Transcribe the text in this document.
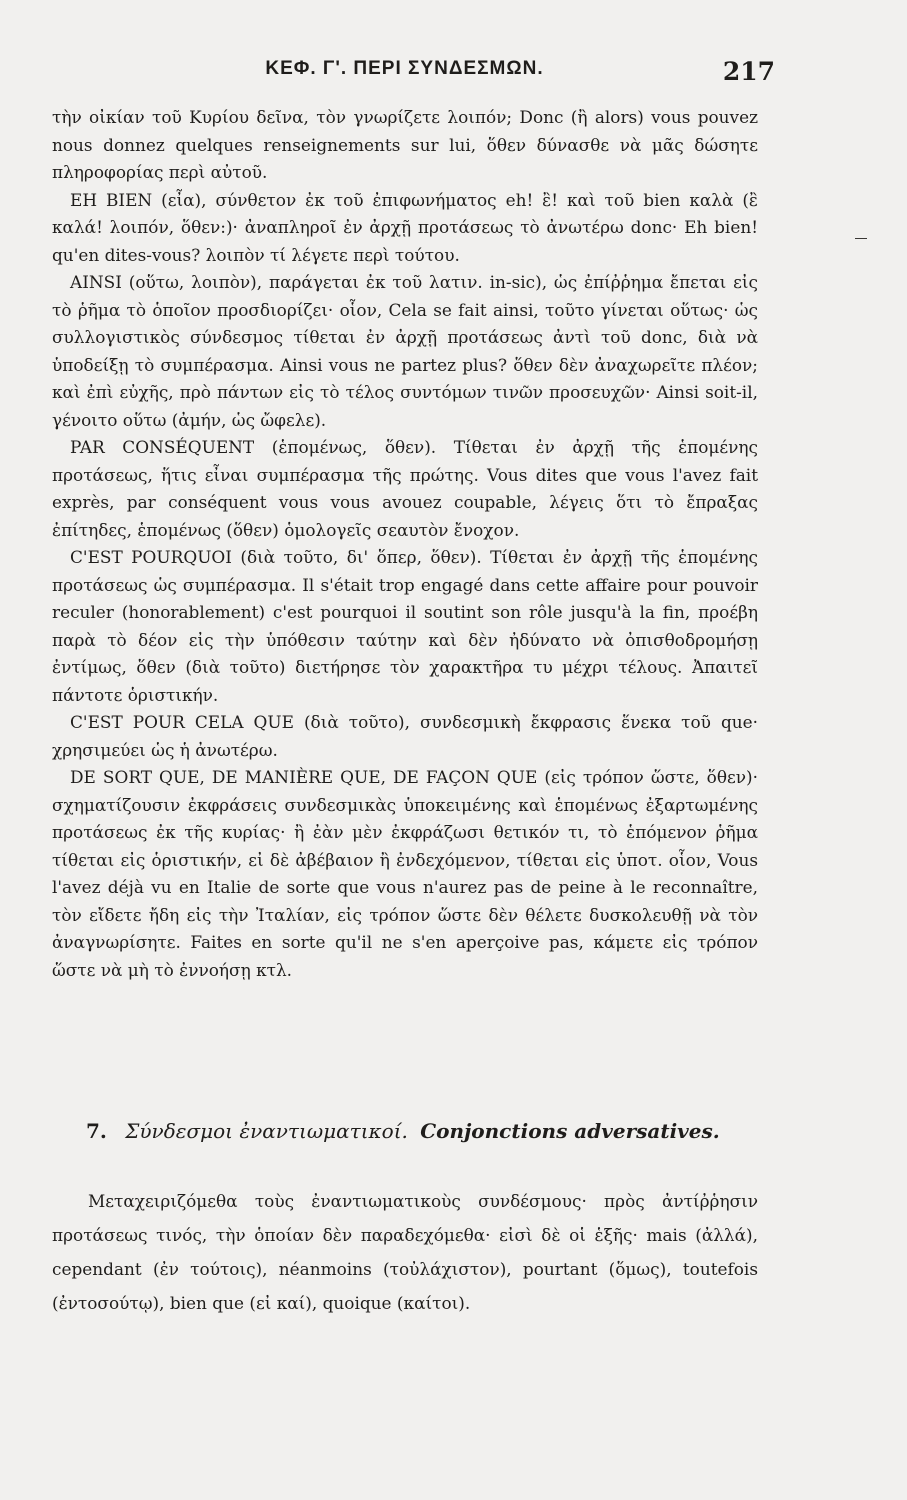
ΚΕΦ. Γ'. ΠΕΡΙ ΣΥΝΔΕΣΜΩΝ.	217

τὴν οἰκίαν τοῦ Κυρίου δεῖνα, τὸν γνωρίζετε λοιπόν; Donc (ἢ alors) vous pouvez nous donnez quelques renseignements sur lui, ὅθεν δύνασθε νὰ μᾶς δώσητε πληροφορίας περὶ αὐτοῦ.

EH BIEN (εἶα), σύνθετον ἐκ τοῦ ἐπιφωνήματος eh! ἒ! καὶ τοῦ bien καλὰ (ἒ καλά! λοιπόν, ὅθεν:)· ἀναπληροῖ ἐν ἀρχῇ προτάσεως τὸ ἀνωτέρω donc· Eh bien! qu'en dites-vous? λοιπὸν τί λέγετε περὶ τούτου.

AINSI (οὕτω, λοιπὸν), παράγεται ἐκ τοῦ λατιν. in-sic), ὡς ἐπίῤῥημα ἔπεται εἰς τὸ ῥῆμα τὸ ὁποῖον προσδιορίζει· οἷον, Cela se fait ainsi, τοῦτο γίνεται οὕτως· ὡς συλλογιστικὸς σύνδεσμος τίθεται ἐν ἀρχῇ προτάσεως ἀντὶ τοῦ donc, διὰ νὰ ὑποδείξῃ τὸ συμπέρασμα. Ainsi vous ne partez plus? ὅθεν δὲν ἀναχωρεῖτε πλέον; καὶ ἐπὶ εὐχῆς, πρὸ πάντων εἰς τὸ τέλος συντόμων τινῶν προσευχῶν· Ainsi soit-il, γένοιτο οὕτω (ἀμήν, ὡς ὤφελε).

PAR CONSÉQUENT (ἑπομένως, ὅθεν). Τίθεται ἐν ἀρχῇ τῆς ἑπομένης προτάσεως, ἥτις εἶναι συμπέρασμα τῆς πρώτης. Vous dites que vous l'avez fait exprès, par conséquent vous vous avouez coupable, λέγεις ὅτι τὸ ἔπραξας ἐπίτηδες, ἑπομένως (ὅθεν) ὁμολογεῖς σεαυτὸν ἔνοχον.

C'EST POURQUOI (διὰ τοῦτο, δι' ὅπερ, ὅθεν). Τίθεται ἐν ἀρχῇ τῆς ἑπομένης προτάσεως ὡς συμπέρασμα. Il s'était trop engagé dans cette affaire pour pouvoir reculer (honorablement) c'est pourquoi il soutint son rôle jusqu'à la fin, προέβη παρὰ τὸ δέον εἰς τὴν ὑπόθεσιν ταύτην καὶ δὲν ἠδύνατο νὰ ὀπισθοδρομήσῃ ἐντίμως, ὅθεν (διὰ τοῦτο) διετήρησε τὸν χαρακτῆρα τυ μέχρι τέλους. Ἀπαιτεῖ πάντοτε ὁριστικήν.

C'EST POUR CELA QUE (διὰ τοῦτο), συνδεσμικὴ ἔκφρασις ἕνεκα τοῦ que· χρησιμεύει ὡς ἡ ἀνωτέρω.

DE SORT QUE, DE MANIÈRE QUE, DE FAÇON QUE (εἰς τρόπον ὥστε, ὅθεν)· σχηματίζουσιν ἐκφράσεις συνδεσμικὰς ὑποκειμένης καὶ ἑπομένως ἐξαρτωμένης προτάσεως ἐκ τῆς κυρίας· ἢ ἐὰν μὲν ἐκφράζωσι θετικόν τι, τὸ ἑπόμενον ῥῆμα τίθεται εἰς ὁριστικήν, εἰ δὲ ἀβέβαιον ἢ ἐνδεχόμενον, τίθεται εἰς ὑποτ. οἷον, Vous l'avez déjà vu en Italie de sorte que vous n'aurez pas de peine à le reconnaître, τὸν εἴδετε ἤδη εἰς τὴν Ἰταλίαν, εἰς τρόπον ὥστε δὲν θέλετε δυσκολευθῇ νὰ τὸν ἀναγνωρίσητε. Faites en sorte qu'il ne s'en aperçoive pas, κάμετε εἰς τρόπον ὥστε νὰ μὴ τὸ ἐννοήσῃ κτλ.

7. Σύνδεσμοι ἐναντιωματικοί. Conjonctions adversatives.

Μεταχειριζόμεθα τοὺς ἐναντιωματικοὺς συνδέσμους· πρὸς ἀντίῤῥησιν προτάσεως τινός, τὴν ὁποίαν δὲν παραδεχόμεθα· εἰσὶ δὲ οἱ ἑξῆς· mais (ἀλλά), cependant (ἐν τούτοις), néanmoins (τοὐλάχιστον), pourtant (ὅμως), toutefois (ἐντοσούτῳ), bien que (εἰ καί), quoique (καίτοι).
